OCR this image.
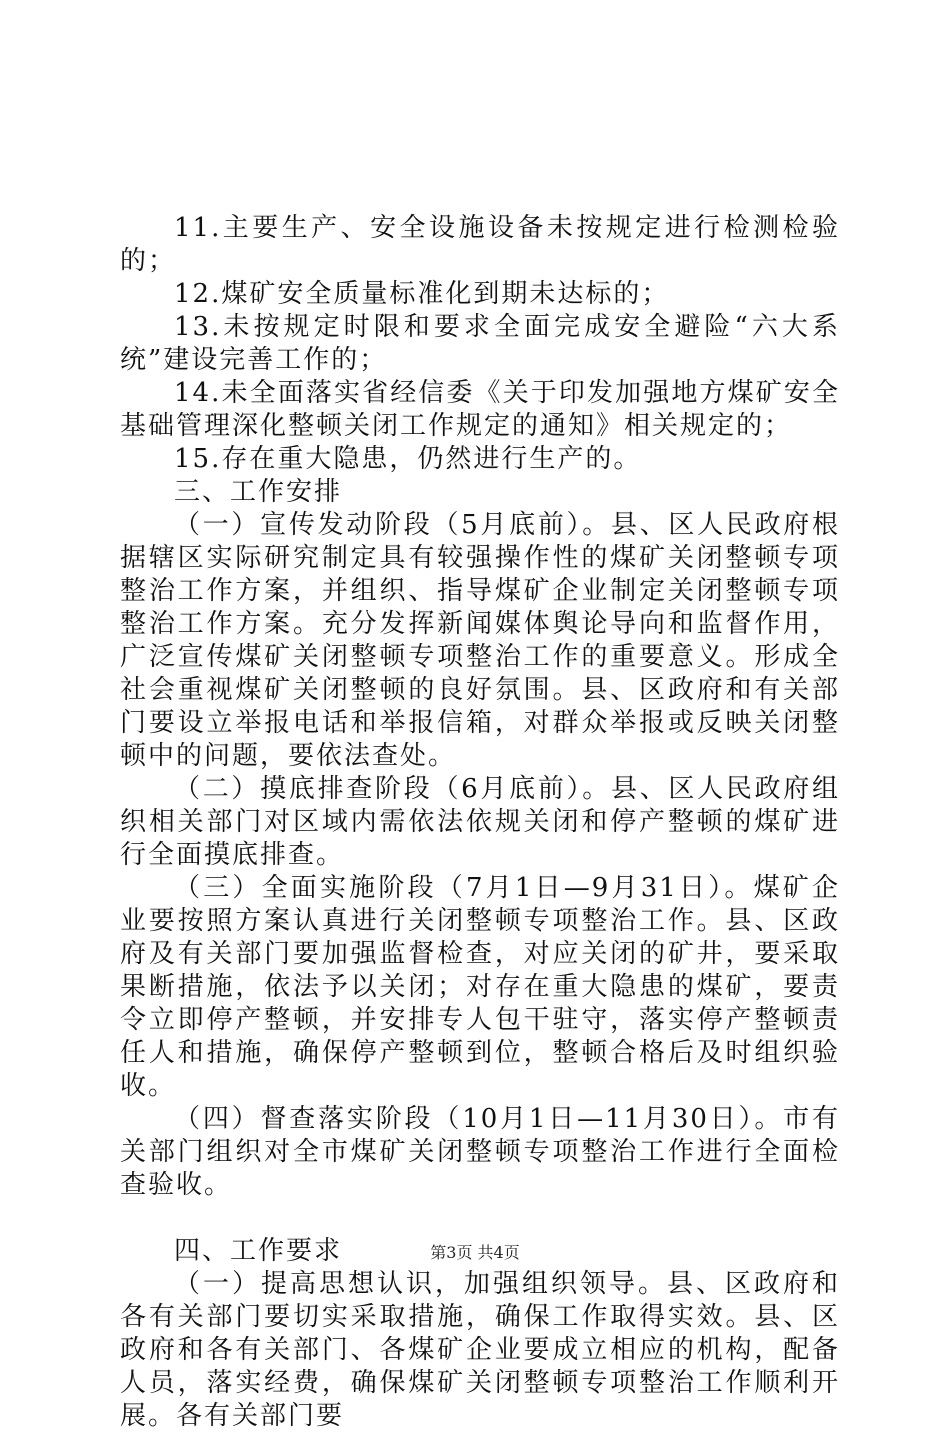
11.主要生产、安全设施设备未按规定进行检测检验的；

12.煤矿安全质量标准化到期未达标的；

13.未按规定时限和要求全面完成安全避险“六大系统”建设完善工作的；

14.未全面落实省经信委《关于印发加强地方煤矿安全基础管理深化整顿关闭工作规定的通知》相关规定的；

15.存在重大隐患，仍然进行生产的。

三、工作安排

（一）宣传发动阶段（5月底前）。县、区人民政府根据辖区实际研究制定具有较强操作性的煤矿关闭整顿专项整治工作方案，并组织、指导煤矿企业制定关闭整顿专项整治工作方案。充分发挥新闻媒体舆论导向和监督作用，广泛宣传煤矿关闭整顿专项整治工作的重要意义。形成全社会重视煤矿关闭整顿的良好氛围。县、区政府和有关部门要设立举报电话和举报信箱，对群众举报或反映关闭整顿中的问题，要依法查处。

（二）摸底排查阶段（6月底前）。县、区人民政府组织相关部门对区域内需依法依规关闭和停产整顿的煤矿进行全面摸底排查。

（三）全面实施阶段（7月1日—9月31日）。煤矿企业要按照方案认真进行关闭整顿专项整治工作。县、区政府及有关部门要加强监督检查，对应关闭的矿井，要采取果断措施，依法予以关闭；对存在重大隐患的煤矿，要责令立即停产整顿，并安排专人包干驻守，落实停产整顿责任人和措施，确保停产整顿到位，整顿合格后及时组织验收。

（四）督查落实阶段（10月1日—11月30日）。市有关部门组织对全市煤矿关闭整顿专项整治工作进行全面检查验收。

四、工作要求

（一）提高思想认识，加强组织领导。县、区政府和各有关部门要切实采取措施，确保工作取得实效。县、区政府和各有关部门、各煤矿企业要成立相应的机构，配备人员，落实经费，确保煤矿关闭整顿专项整治工作顺利开展。各有关部门要

第3页 共4页
